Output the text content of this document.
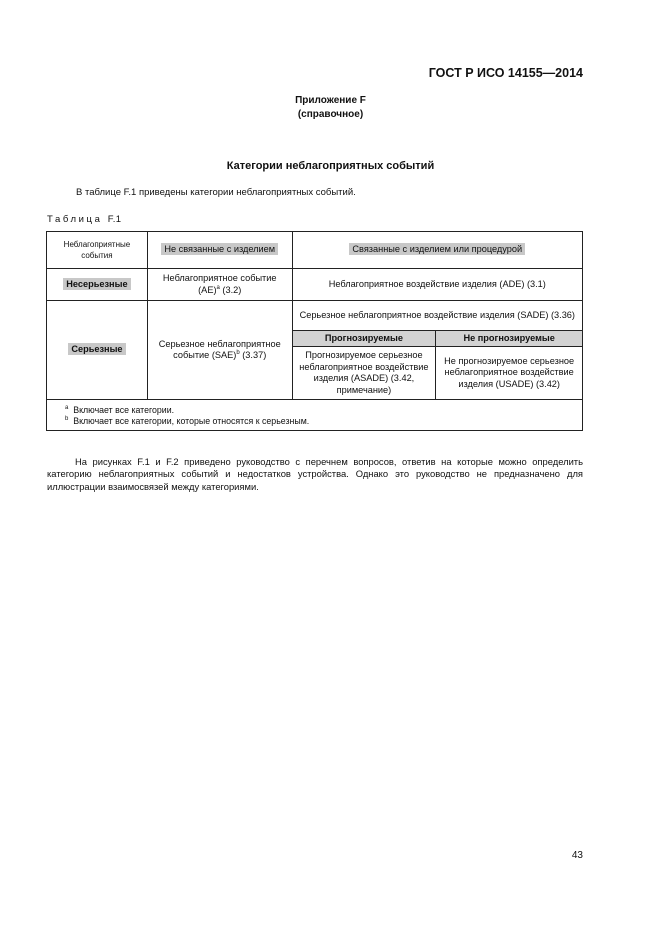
ГОСТ Р ИСО 14155—2014
Приложение F
(справочное)
Категории неблагоприятных событий
В таблице F.1 приведены категории неблагоприятных событий.
Таблица F.1
Неблагоприятные события	Не связанные с изделием	Связанные с изделием или процедурой	
Несерьезные	Неблагоприятное событие (AE)$^a$ (3.2)	Неблагоприятное воздействие изделия (ADE) (3.1)	
Серьезные	Серьезное неблагоприятное событие (SAE)$^b$ (3.37)	Серьезное неблагоприятное воздействие изделия (SADE) (3.36)	
		Прогнозируемые	Не прогнозируемые
		Прогнозируемое серьезное неблагоприятное воздействие изделия (ASADE) (3.42, примечание)	Не прогнозируемое серьезное неблагоприятное воздействие изделия (USADE) (3.42)

$^a$ Включает все категории.
$^b$ Включает все категории, которые относятся к серьезным.			

На рисунках F.1 и F.2 приведено руководство с перечнем вопросов, ответив на которые можно определить категорию неблагоприятных событий и недостатков устройства. Однако это руководство не предназначено для иллюстрации взаимосвязей между категориями.

43
